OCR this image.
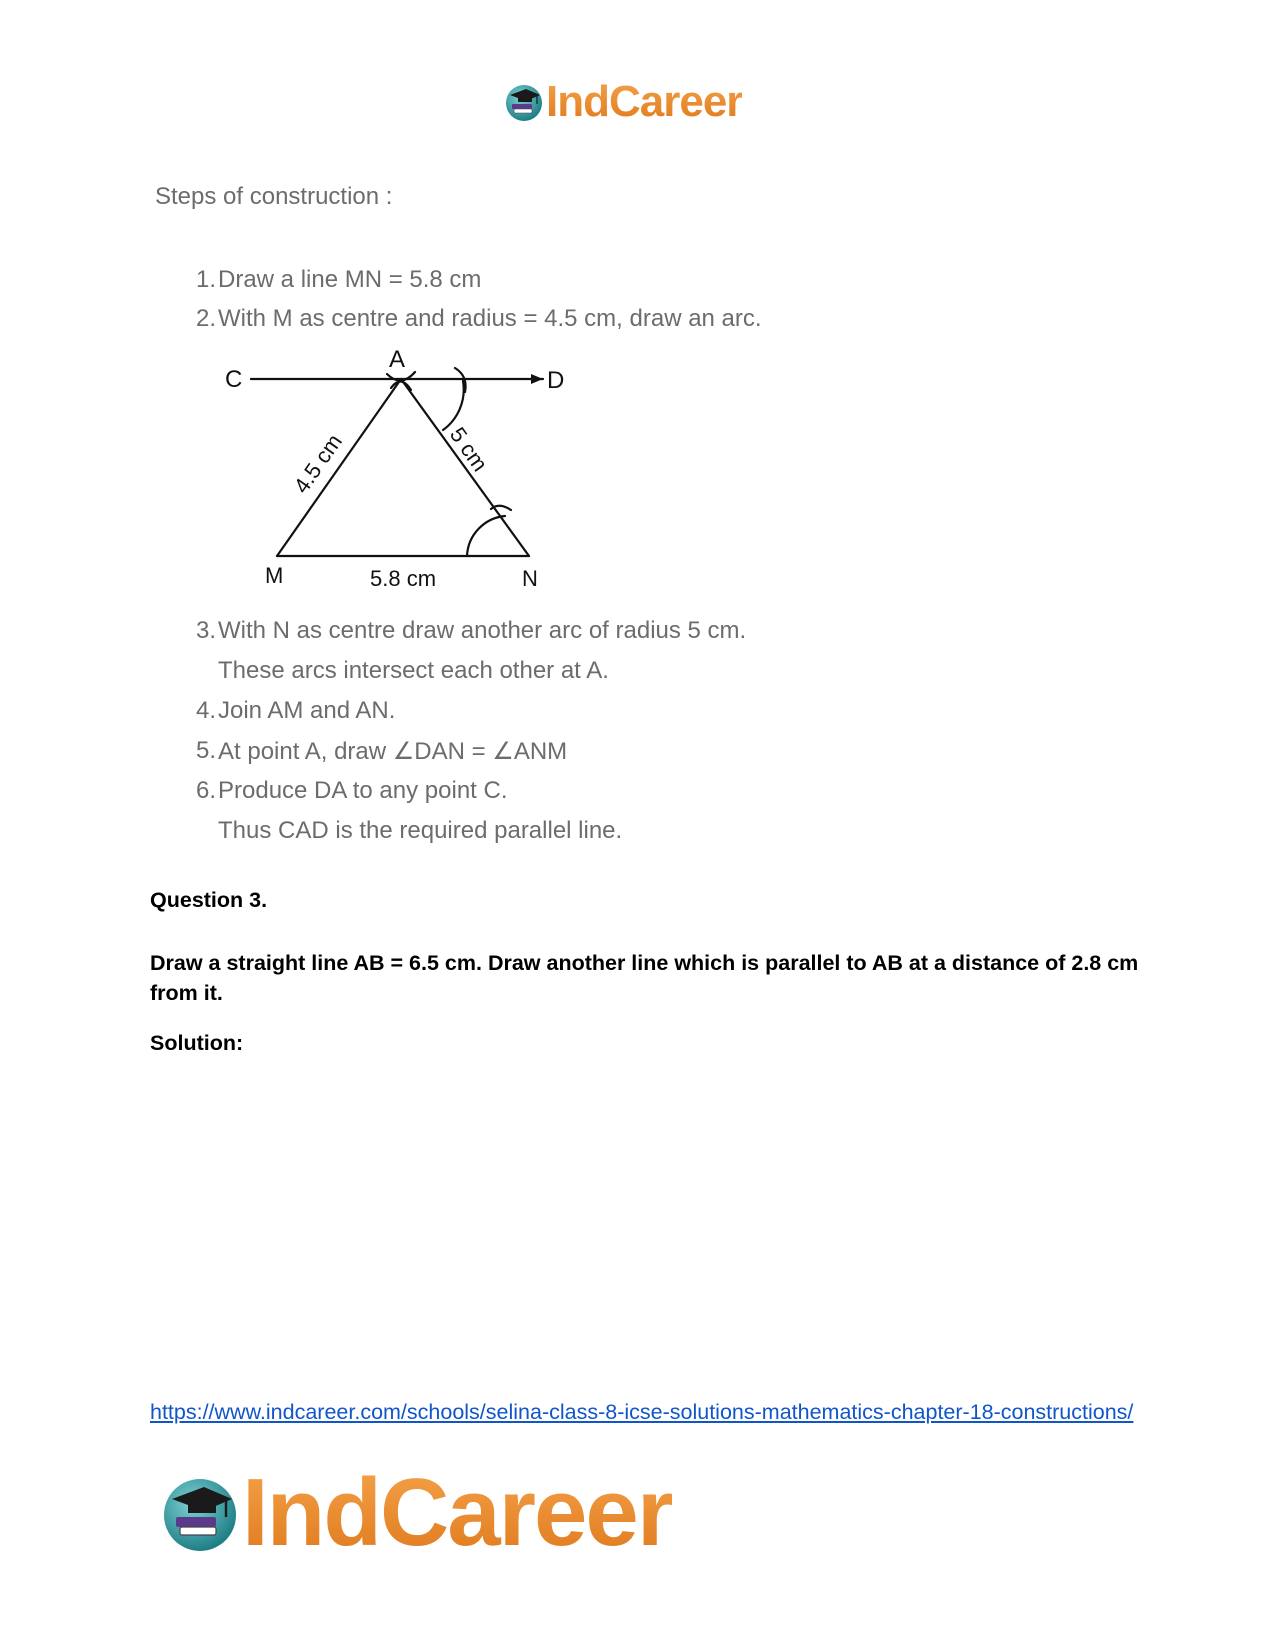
IndCareer
Steps of construction :
1. Draw a line MN = 5.8 cm
2. With M as centre and radius = 4.5 cm, draw an arc.
C
A
D
M	N
5.8 cm
4.5 cm	5 cm
3. With N as centre draw another arc of radius 5 cm.
These arcs intersect each other at A.
4. Join AM and AN.
5. At point A, draw ∠DAN = ∠ANM
6. Produce DA to any point C.
Thus CAD is the required parallel line.
Question 3.
Draw a straight line AB = 6.5 cm. Draw another line which is parallel to AB at a distance of 2.8 cm from it.
Solution:
https://www.indcareer.com/schools/selina-class-8-icse-solutions-mathematics-chapter-18-constructions/
IndCareer
